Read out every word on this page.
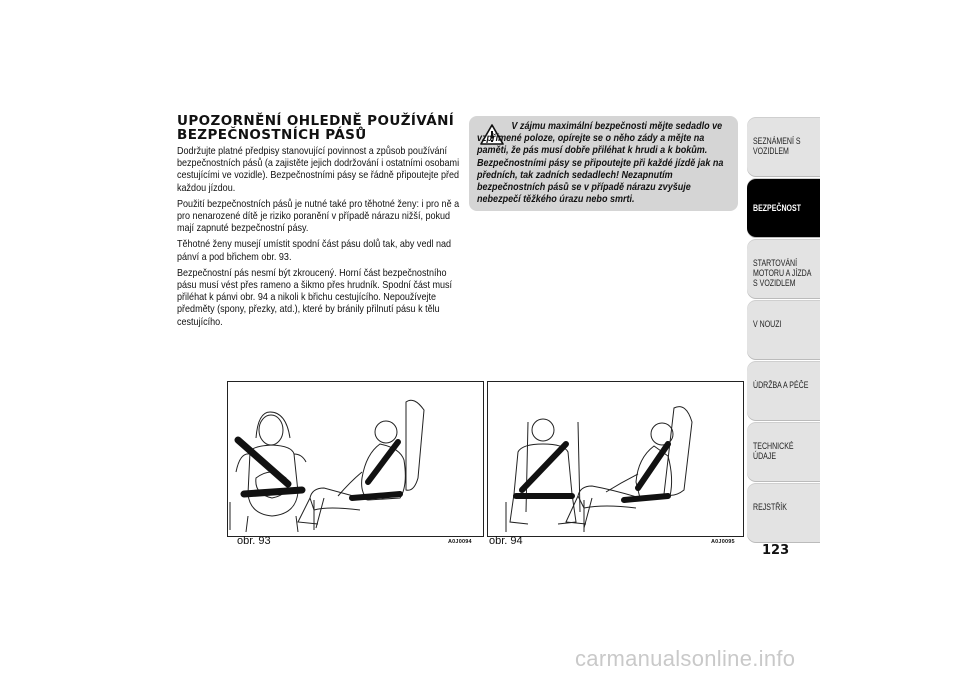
UPOZORNĚNÍ OHLEDNĚ POUŽÍVÁNÍ
BEZPEČNOSTNÍCH PÁSŮ

Dodržujte platné předpisy stanovující povinnost a způsob používání bezpečnostních pásů (a zajistěte jejich dodržování i ostatními osobami cestujícími ve vozidle). Bezpečnostními pásy se řádně připoutejte před každou jízdou.

Použití bezpečnostních pásů je nutné také pro těhotné ženy: i pro ně a pro nenarozené dítě je riziko poranění v případě nárazu nižší, pokud mají zapnuté bezpečnostní pásy.

Těhotné ženy musejí umístit spodní část pásu dolů tak, aby vedl nad pánví a pod břichem obr. 93.

Bezpečnostní pás nesmí být zkroucený. Horní část bezpečnostního pásu musí vést přes rameno a šikmo přes hrudník. Spodní část musí přiléhat k pánvi obr. 94 a nikoli k břichu cestujícího. Nepoužívejte předměty (spony, přezky, atd.), které by bránily přilnutí pásu k tělu cestujícího.

V zájmu maximální bezpečnosti mějte sedadlo ve vzpřímené poloze, opírejte se o něho zády a mějte na paměti, že pás musí dobře přiléhat k hrudi a k bokům. Bezpečnostními pásy se připoutejte při každé jízdě jak na předních, tak zadních sedadlech! Nezapnutím bezpečnostních pásů se v případě nárazu zvyšuje nebezpečí těžkého úrazu nebo smrti.
obr. 93	A0J0094 obr. 94	A0J0095
SEZNÁMENÍ S VOZIDLEM
BEZPEČNOST
STARTOVÁNÍ MOTORU A JÍZDA S VOZIDLEM
V NOUZI
ÚDRŽBA A PÉČE
TECHNICKÉ ÚDAJE
REJSTŘÍK
123
carmanualsonline.info
